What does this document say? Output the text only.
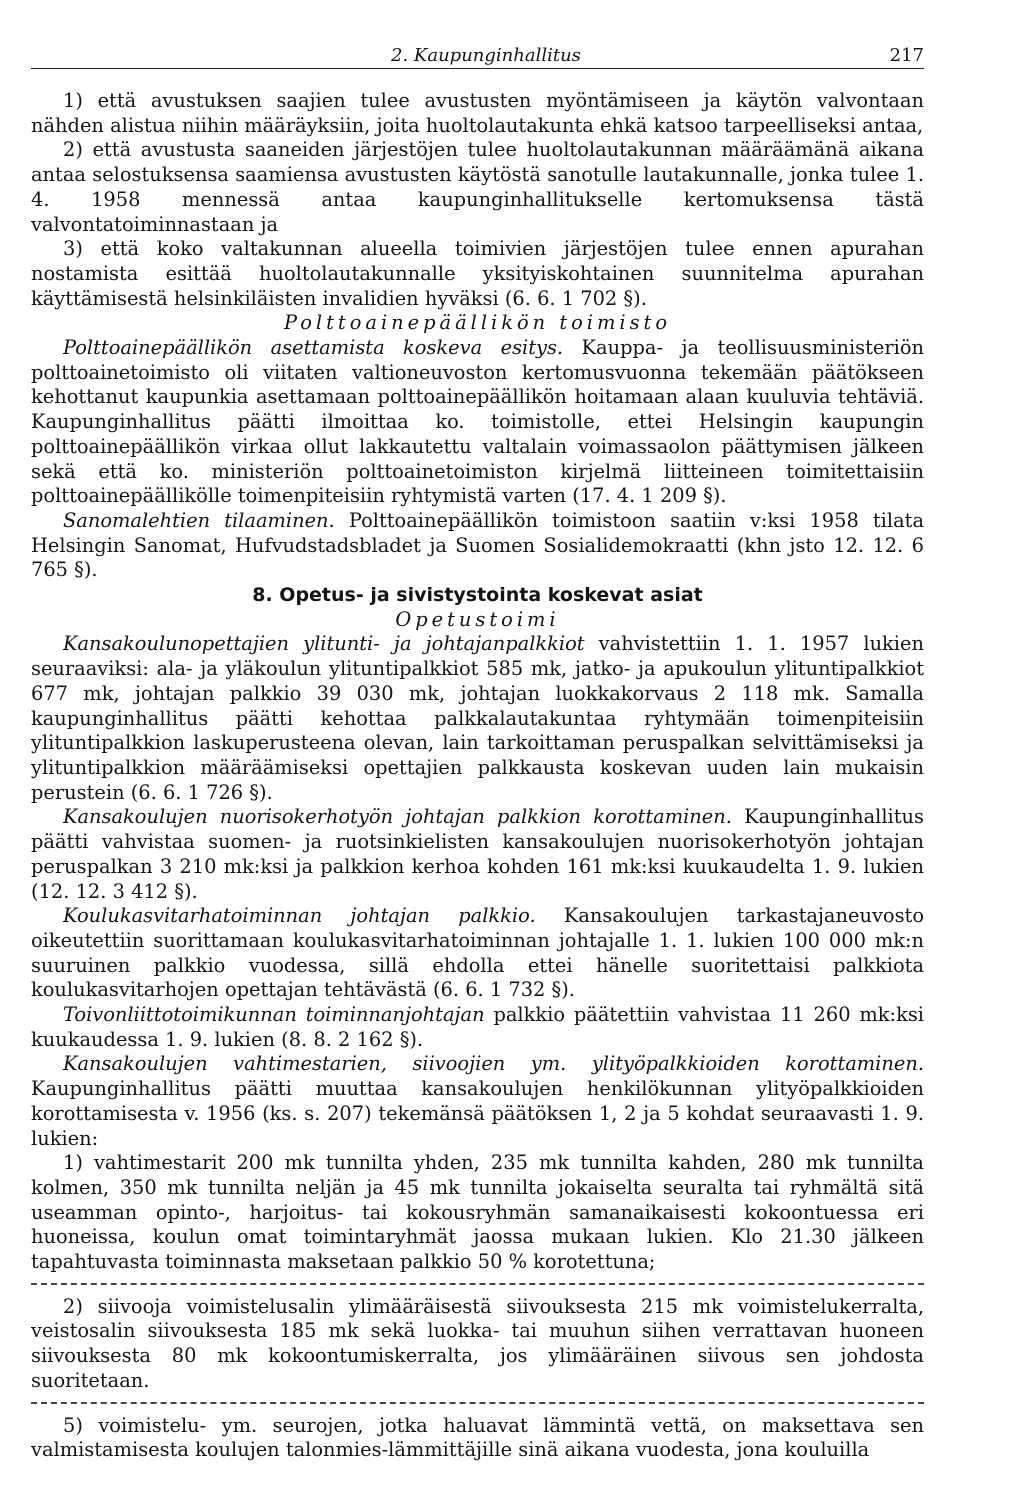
2. Kaupunginhallitus	217

1) että avustuksen saajien tulee avustusten myöntämiseen ja käytön valvontaan nähden alistua niihin määräyksiin, joita huoltolautakunta ehkä katsoo tarpeelliseksi antaa,

2) että avustusta saaneiden järjestöjen tulee huoltolautakunnan määräämänä aikana antaa selostuksensa saamiensa avustusten käytöstä sanotulle lautakunnalle, jonka tulee 1. 4. 1958 mennessä antaa kaupunginhallitukselle kertomuksensa tästä valvontatoiminnastaan ja

3) että koko valtakunnan alueella toimivien järjestöjen tulee ennen apurahan nostamista esittää huoltolautakunnalle yksityiskohtainen suunnitelma apurahan käyttämisestä helsinkiläisten invalidien hyväksi (6. 6. 1 702 §).

Polttoainepäällikön toimisto

Polttoainepäällikön asettamista koskeva esitys. Kauppa- ja teollisuusministeriön polttoainetoimisto oli viitaten valtioneuvoston kertomusvuonna tekemään päätökseen kehottanut kaupunkia asettamaan polttoainepäällikön hoitamaan alaan kuuluvia tehtäviä. Kaupunginhallitus päätti ilmoittaa ko. toimistolle, ettei Helsingin kaupungin polttoainepäällikön virkaa ollut lakkautettu valtalain voimassaolon päättymisen jälkeen sekä että ko. ministeriön polttoainetoimiston kirjelmä liitteineen toimitettaisiin polttoainepäällikölle toimenpiteisiin ryhtymistä varten (17. 4. 1 209 §).

Sanomalehtien tilaaminen. Polttoainepäällikön toimistoon saatiin v:ksi 1958 tilata Helsingin Sanomat, Hufvudstadsbladet ja Suomen Sosialidemokraatti (khn jsto 12. 12. 6 765 §).

8. Opetus- ja sivistystointa koskevat asiat

Opetustoimi

Kansakoulunopettajien ylitunti- ja johtajanpalkkiot vahvistettiin 1. 1. 1957 lukien seuraaviksi: ala- ja yläkoulun ylituntipalkkiot 585 mk, jatko- ja apukoulun ylituntipalkkiot 677 mk, johtajan palkkio 39 030 mk, johtajan luokkakorvaus 2 118 mk. Samalla kaupunginhallitus päätti kehottaa palkkalautakuntaa ryhtymään toimenpiteisiin ylituntipalkkion laskuperusteena olevan, lain tarkoittaman peruspalkan selvittämiseksi ja ylituntipalkkion määräämiseksi opettajien palkkausta koskevan uuden lain mukaisin perustein (6. 6. 1 726 §).

Kansakoulujen nuorisokerhotyön johtajan palkkion korottaminen. Kaupunginhallitus päätti vahvistaa suomen- ja ruotsinkielisten kansakoulujen nuorisokerhotyön johtajan peruspalkan 3 210 mk:ksi ja palkkion kerhoa kohden 161 mk:ksi kuukaudelta 1. 9. lukien (12. 12. 3 412 §).

Koulukasvitarhatoiminnan johtajan palkkio. Kansakoulujen tarkastajaneuvosto oikeutettiin suorittamaan koulukasvitarhatoiminnan johtajalle 1. 1. lukien 100 000 mk:n suuruinen palkkio vuodessa, sillä ehdolla ettei hänelle suoritettaisi palkkiota koulukasvitarhojen opettajan tehtävästä (6. 6. 1 732 §).

Toivonliittotoimikunnan toiminnanjohtajan palkkio päätettiin vahvistaa 11 260 mk:ksi kuukaudessa 1. 9. lukien (8. 8. 2 162 §).

Kansakoulujen vahtimestarien, siivoojien ym. ylityöpalkkioiden korottaminen. Kaupunginhallitus päätti muuttaa kansakoulujen henkilökunnan ylityöpalkkioiden korottamisesta v. 1956 (ks. s. 207) tekemänsä päätöksen 1, 2 ja 5 kohdat seuraavasti 1. 9. lukien:

1) vahtimestarit 200 mk tunnilta yhden, 235 mk tunnilta kahden, 280 mk tunnilta kolmen, 350 mk tunnilta neljän ja 45 mk tunnilta jokaiselta seuralta tai ryhmältä sitä useamman opinto-, harjoitus- tai kokousryhmän samanaikaisesti kokoontuessa eri huoneissa, koulun omat toimintaryhmät jaossa mukaan lukien. Klo 21.30 jälkeen tapahtuvasta toiminnasta maksetaan palkkio 50 % korotettuna;

2) siivooja voimistelusalin ylimääräisestä siivouksesta 215 mk voimistelukerralta, veistosalin siivouksesta 185 mk sekä luokka- tai muuhun siihen verrattavan huoneen siivouksesta 80 mk kokoontumiskerralta, jos ylimääräinen siivous sen johdosta suoritetaan.

5) voimistelu- ym. seurojen, jotka haluavat lämmintä vettä, on maksettava sen valmistamisesta koulujen talonmies-lämmittäjille sinä aikana vuodesta, jona kouluilla
